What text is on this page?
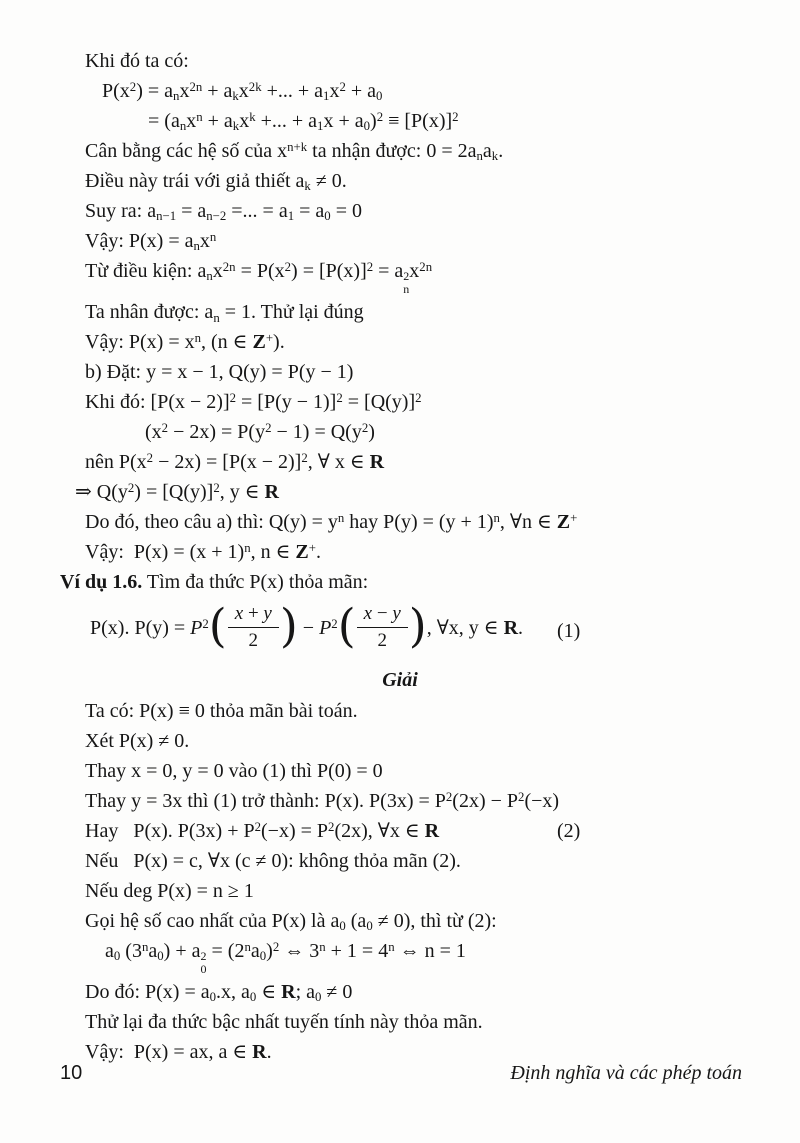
Khi đó ta có:
$P(x^2) = a_nx^{2n} + a_kx^{2k}$ +... + $a_1x^2 + a_0$
= ($a_nx^n + a_kx^k$ +... + $a_1x + a_0)^2 \equiv [P(x)]^2$
Cân bằng các hệ số của $x^{n+k}$ ta nhận được: $0 = 2a_na_k$.
Điều này trái với giả thiết $a_k \ne 0$.
Suy ra: $a_{n-1} = a_{n-2}$ =... = $a_1 = a_0 = 0$
Vậy: $P(x) = a_nx^n$
Từ điều kiện: $a_nx^{2n} = P(x^2) = [P(x)]^2 = a$ 2
n
$x^{2n}$
Ta nhân được: $a_n = 1$. Thử lại đúng
Vậy: $P(x) = x^n$, (n ∈ Z+).
b) Đặt: y = x − 1, Q(y) = P(y − 1)
Khi đó: $[P(x - 2)]^2 = [P(y - 1)]^2 = [Q(y)]^2$
$(x^2 - 2x) = P(y^2 - 1) = Q(y^2)$
nên $P(x^2 - 2x) = [P(x - 2)]^2$, ∀ x ∈ R
⇒ $Q(y^2) = [Q(y)]^2$, y ∈ R
Do đó, theo câu a) thì: $Q(y) = y^n$ hay $P(y) = (y + 1)^n$, ∀n ∈ Z+
Vậy:  $P(x) = (x + 1)^n$, n ∈ Z+.
Ví dụ 1.6. Tìm đa thức P(x) thỏa mãn:
P(x). $P(y) = P^2( \frac{x + y}{2}$ ) − $P^2( \frac{x - y}{2}$ ), ∀x, y ∈ R. (1)
Giải
Ta có: P(x) ≡ 0 thỏa mãn bài toán.
Xét P(x) ≠ 0.
Thay x = 0, y = 0 vào (1) thì P(0) = 0
Thay y = 3x thì (1) trở thành: P(x). $P(3x) = P^2(2x) - P^2(-x)$
Hay   P(x). $P(3x) + P^2(-x) = P^2(2x)$, ∀x ∈ R	(2)
Nếu   P(x) = c, ∀x (c ≠ 0): không thỏa mãn (2).
Nếu deg P(x) = n ≥ 1
Gọi hệ số cao nhất của P(x) là $a_0$ $(a_0 \ne 0)$, thì từ (2):
$a_0$ $(3^na_0) + a$ 2
0
= $(2^na_0)^2$ ⇔ $3^n + 1 = 4^n$ ⇔ n = 1
Do đó: $P(x) = a_0.x$, $a_0$ ∈ R; $a_0 \ne 0$
Thử lại đa thức bậc nhất tuyến tính này thỏa mãn.
Vậy:  P(x) = ax, a ∈ R.
10	Định nghĩa và các phép toán
